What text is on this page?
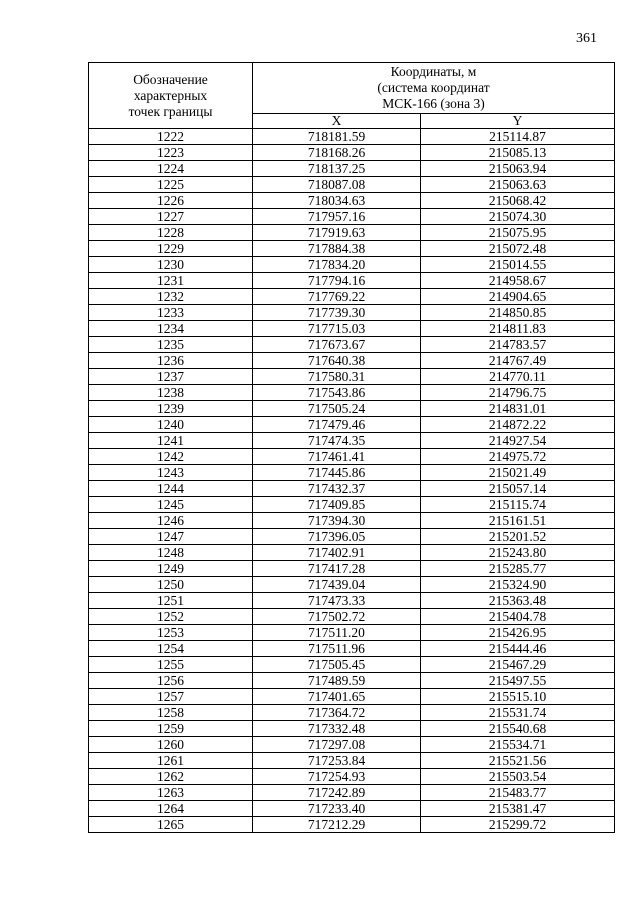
361
Обозначение
характерных
точек границы	Координаты, м
(система координат
МСК-166 (зона 3)	

	X	Y
1222	718181.59	215114.87
1223	718168.26	215085.13
1224	718137.25	215063.94
1225	718087.08	215063.63
1226	718034.63	215068.42
1227	717957.16	215074.30
1228	717919.63	215075.95
1229	717884.38	215072.48
1230	717834.20	215014.55
1231	717794.16	214958.67
1232	717769.22	214904.65
1233	717739.30	214850.85
1234	717715.03	214811.83
1235	717673.67	214783.57
1236	717640.38	214767.49
1237	717580.31	214770.11
1238	717543.86	214796.75
1239	717505.24	214831.01
1240	717479.46	214872.22
1241	717474.35	214927.54
1242	717461.41	214975.72
1243	717445.86	215021.49
1244	717432.37	215057.14
1245	717409.85	215115.74
1246	717394.30	215161.51
1247	717396.05	215201.52
1248	717402.91	215243.80
1249	717417.28	215285.77
1250	717439.04	215324.90
1251	717473.33	215363.48
1252	717502.72	215404.78
1253	717511.20	215426.95
1254	717511.96	215444.46
1255	717505.45	215467.29
1256	717489.59	215497.55
1257	717401.65	215515.10
1258	717364.72	215531.74
1259	717332.48	215540.68
1260	717297.08	215534.71
1261	717253.84	215521.56
1262	717254.93	215503.54
1263	717242.89	215483.77
1264	717233.40	215381.47
1265	717212.29	215299.72
